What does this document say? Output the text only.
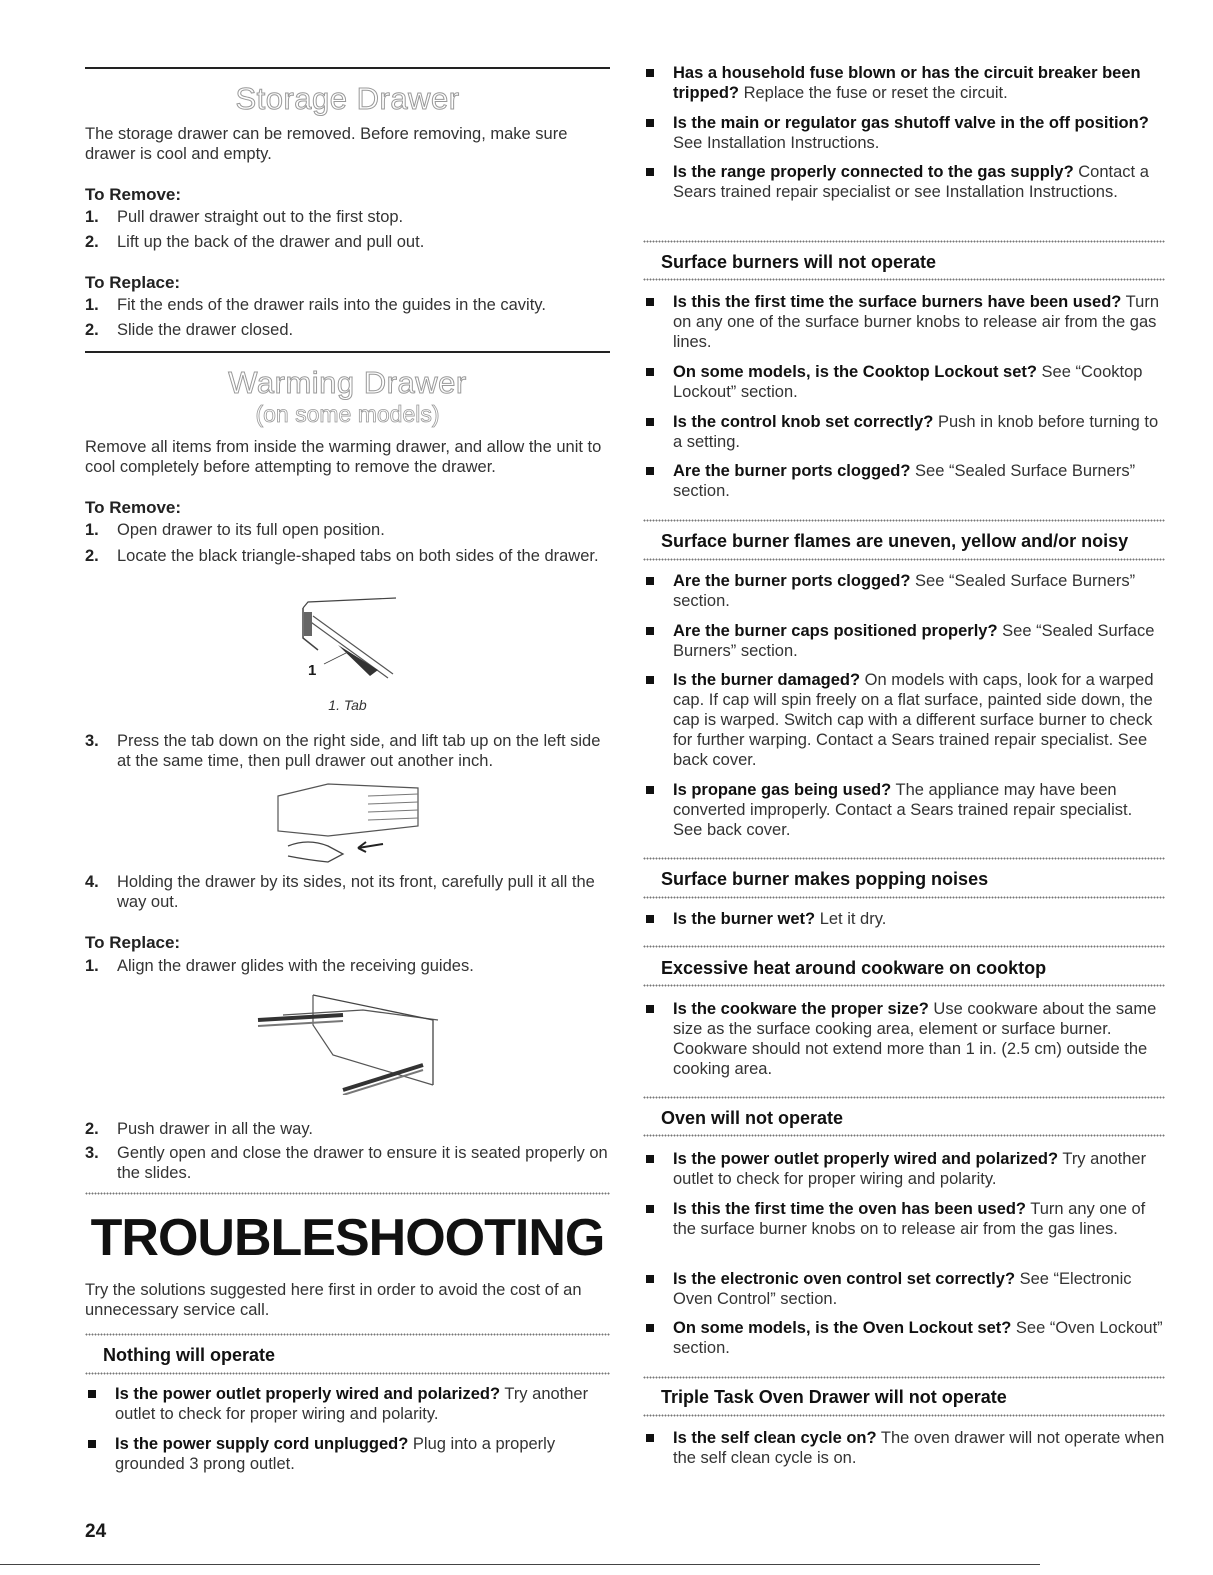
Storage Drawer

The storage drawer can be removed. Before removing, make sure drawer is cool and empty.

To Remove:
1. Pull drawer straight out to the first stop.
2. Lift up the back of the drawer and pull out.
To Replace:
1. Fit the ends of the drawer rails into the guides in the cavity.
2. Slide the drawer closed.
Warming Drawer
(on some models)

Remove all items from inside the warming drawer, and allow the unit to cool completely before attempting to remove the drawer.

To Remove:
1. Open drawer to its full open position.
2. Locate the black triangle-shaped tabs on both sides of the drawer.
1
1. Tab
3. Press the tab down on the right side, and lift tab up on the left side at the same time, then pull drawer out another inch.
4. Holding the drawer by its sides, not its front, carefully pull it all the way out.
To Replace:
1. Align the drawer glides with the receiving guides.
2. Push drawer in all the way.
3. Gently open and close the drawer to ensure it is seated properly on the slides.
TROUBLESHOOTING

Try the solutions suggested here first in order to avoid the cost of an unnecessary service call.

Nothing will operate
Is the power outlet properly wired and polarized? Try another outlet to check for proper wiring and polarity.
Is the power supply cord unplugged? Plug into a properly grounded 3 prong outlet.
Has a household fuse blown or has the circuit breaker been tripped? Replace the fuse or reset the circuit.
Is the main or regulator gas shutoff valve in the off position? See Installation Instructions.
Is the range properly connected to the gas supply? Contact a Sears trained repair specialist or see Installation Instructions.
Surface burners will not operate
Is this the first time the surface burners have been used? Turn on any one of the surface burner knobs to release air from the gas lines.
On some models, is the Cooktop Lockout set? See “Cooktop Lockout” section.
Is the control knob set correctly? Push in knob before turning to a setting.
Are the burner ports clogged? See “Sealed Surface Burners” section.
Surface burner flames are uneven, yellow and/or noisy
Are the burner ports clogged? See “Sealed Surface Burners” section.
Are the burner caps positioned properly? See “Sealed Surface Burners” section.
Is the burner damaged? On models with caps, look for a warped cap. If cap will spin freely on a flat surface, painted side down, the cap is warped. Switch cap with a different surface burner to check for further warping. Contact a Sears trained repair specialist. See back cover.
Is propane gas being used? The appliance may have been converted improperly. Contact a Sears trained repair specialist. See back cover.
Surface burner makes popping noises
Is the burner wet? Let it dry.
Excessive heat around cookware on cooktop
Is the cookware the proper size? Use cookware about the same size as the surface cooking area, element or surface burner. Cookware should not extend more than 1 in. (2.5 cm) outside the cooking area.
Oven will not operate
Is the power outlet properly wired and polarized? Try another outlet to check for proper wiring and polarity.
Is this the first time the oven has been used? Turn any one of the surface burner knobs on to release air from the gas lines.
Is the electronic oven control set correctly? See “Electronic Oven Control” section.
On some models, is the Oven Lockout set? See “Oven Lockout” section.
Triple Task Oven Drawer will not operate
Is the self clean cycle on? The oven drawer will not operate when the self clean cycle is on.
24
